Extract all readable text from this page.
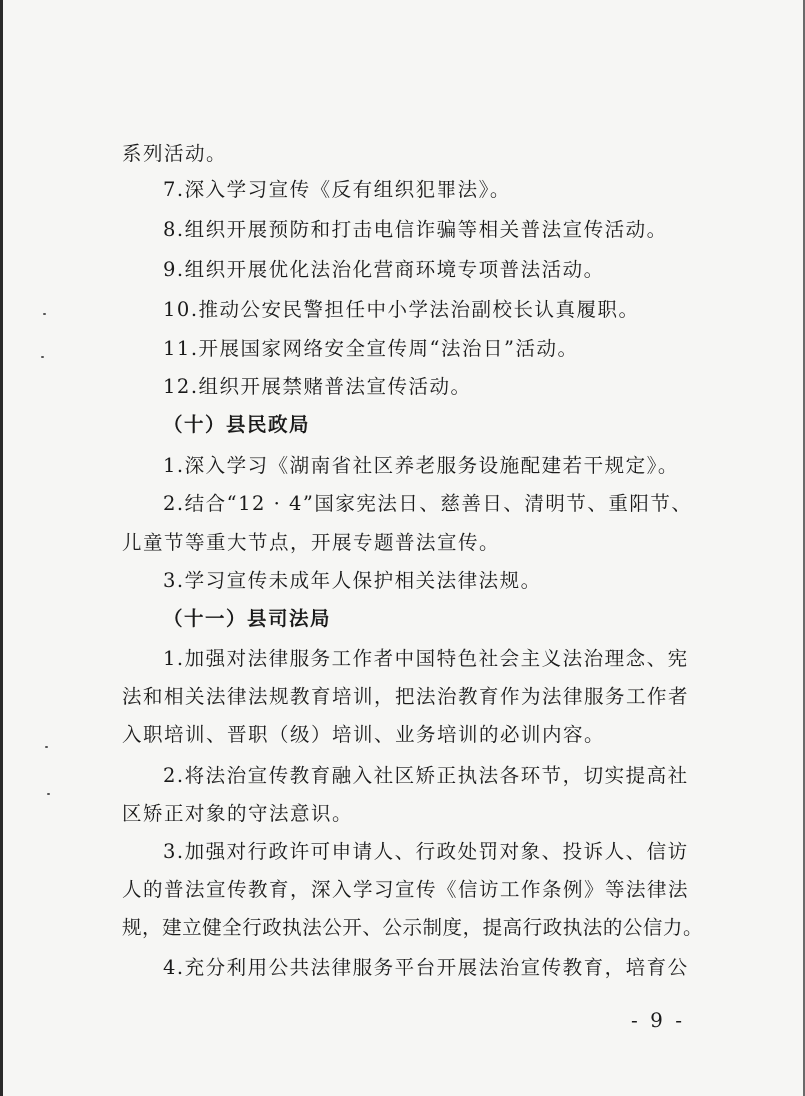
系列活动。
7.深入学习宣传《反有组织犯罪法》。
8.组织开展预防和打击电信诈骗等相关普法宣传活动。
9.组织开展优化法治化营商环境专项普法活动。
10.推动公安民警担任中小学法治副校长认真履职。
11.开展国家网络安全宣传周“法治日”活动。
12.组织开展禁赌普法宣传活动。
（十）县民政局
1.深入学习《湖南省社区养老服务设施配建若干规定》。
2.结合“12 · 4”国家宪法日、慈善日、清明节、重阳节、
儿童节等重大节点，开展专题普法宣传。
3.学习宣传未成年人保护相关法律法规。
（十一）县司法局
1.加强对法律服务工作者中国特色社会主义法治理念、宪
法和相关法律法规教育培训，把法治教育作为法律服务工作者
入职培训、晋职（级）培训、业务培训的必训内容。
2.将法治宣传教育融入社区矫正执法各环节，切实提高社
区矫正对象的守法意识。
3.加强对行政许可申请人、行政处罚对象、投诉人、信访
人的普法宣传教育，深入学习宣传《信访工作条例》等法律法
规，建立健全行政执法公开、公示制度，提高行政执法的公信力。
4.充分利用公共法律服务平台开展法治宣传教育，培育公
- 9 -
